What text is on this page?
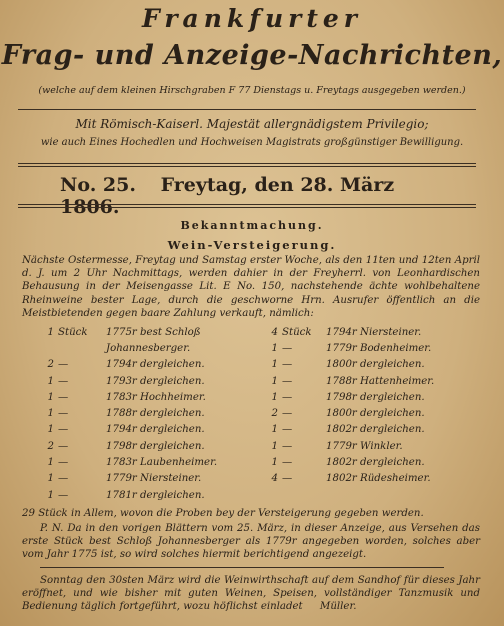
Frankfurter
Frag- und Anzeige-Nachrichten,
(welche auf dem kleinen Hirschgraben F 77 Dienstags u. Freytags ausgegeben werden.)
Mit Römisch-Kaiserl. Majestät allergnädigstem Privilegio;
wie auch Eines Hochedlen und Hochweisen Magistrats großgünstiger Bewilligung.
No. 25. Freytag, den 28. März 1806.
Bekanntmachung.
Wein-Versteigerung.

Nächste Ostermesse, Freytag und Samstag erster Woche, als den 11ten und 12ten April d. J. um 2 Uhr Nachmittags, werden dahier in der Freyherrl. von Leonhardischen Behausung in der Meisengasse Lit. E No. 150, nachstehende ächte wohlbehaltene Rheinweine bester Lage, durch die geschworne Hrn. Ausrufer öffentlich an die Meistbietenden gegen baare Zahlung verkauft, nämlich:

1	Stück	1775r best Schloß	4	Stück	1794r Niersteiner.
		Johannesberger.	1	—	1779r Bodenheimer.
2	—	1794r dergleichen.	1	—	1800r dergleichen.
1	—	1793r dergleichen.	1	—	1788r Hattenheimer.
1	—	1783r Hochheimer.	1	—	1798r dergleichen.
1	—	1788r dergleichen.	2	—	1800r dergleichen.
1	—	1794r dergleichen.	1	—	1802r dergleichen.
2	—	1798r dergleichen.	1	—	1779r Winkler.
1	—	1783r Laubenheimer.	1	—	1802r dergleichen.
1	—	1779r Niersteiner.	4	—	1802r Rüdesheimer.
1	—	1781r dergleichen.			

29 Stück in Allem, wovon die Proben bey der Versteigerung gegeben werden.

P. N. Da in den vorigen Blättern vom 25. März, in dieser Anzeige, aus Versehen das erste Stück best Schloß Johannesberger als 1779r angegeben worden, solches aber vom Jahr 1775 ist, so wird solches hiermit berichtigend angezeigt.

Sonntag den 30sten März wird die Weinwirthschaft auf dem Sandhof für dieses Jahr eröffnet, und wie bisher mit guten Weinen, Speisen, vollständiger Tanzmusik und Bedienung täglich fortgeführt, wozu höflichst einladet Müller.
